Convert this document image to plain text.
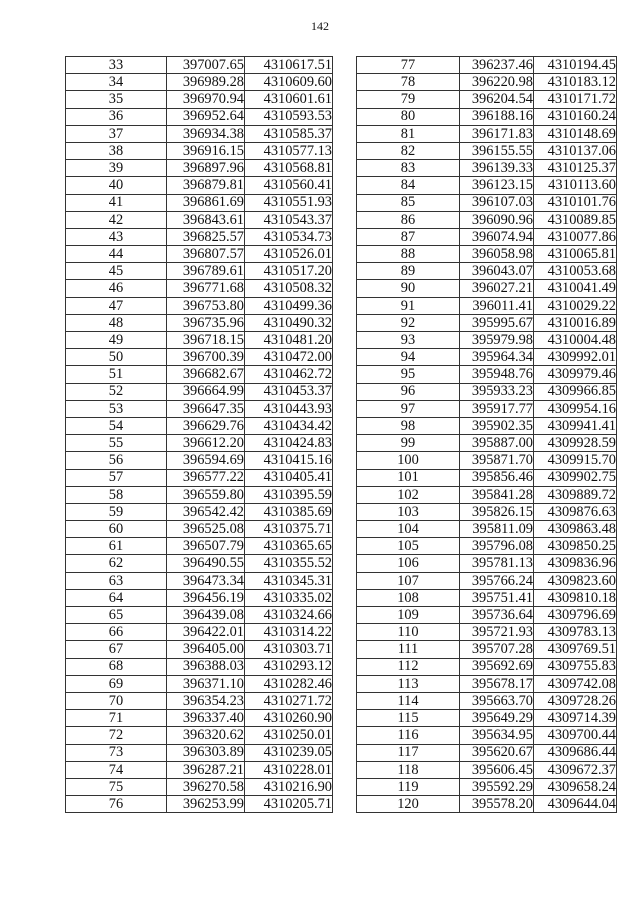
142
33	397007.65	4310617.51
34	396989.28	4310609.60
35	396970.94	4310601.61
36	396952.64	4310593.53
37	396934.38	4310585.37
38	396916.15	4310577.13
39	396897.96	4310568.81
40	396879.81	4310560.41
41	396861.69	4310551.93
42	396843.61	4310543.37
43	396825.57	4310534.73
44	396807.57	4310526.01
45	396789.61	4310517.20
46	396771.68	4310508.32
47	396753.80	4310499.36
48	396735.96	4310490.32
49	396718.15	4310481.20
50	396700.39	4310472.00
51	396682.67	4310462.72
52	396664.99	4310453.37
53	396647.35	4310443.93
54	396629.76	4310434.42
55	396612.20	4310424.83
56	396594.69	4310415.16
57	396577.22	4310405.41
58	396559.80	4310395.59
59	396542.42	4310385.69
60	396525.08	4310375.71
61	396507.79	4310365.65
62	396490.55	4310355.52
63	396473.34	4310345.31
64	396456.19	4310335.02
65	396439.08	4310324.66
66	396422.01	4310314.22
67	396405.00	4310303.71
68	396388.03	4310293.12
69	396371.10	4310282.46
70	396354.23	4310271.72
71	396337.40	4310260.90
72	396320.62	4310250.01
73	396303.89	4310239.05
74	396287.21	4310228.01
75	396270.58	4310216.90
76	396253.99	4310205.71
77	396237.46	4310194.45
78	396220.98	4310183.12
79	396204.54	4310171.72
80	396188.16	4310160.24
81	396171.83	4310148.69
82	396155.55	4310137.06
83	396139.33	4310125.37
84	396123.15	4310113.60
85	396107.03	4310101.76
86	396090.96	4310089.85
87	396074.94	4310077.86
88	396058.98	4310065.81
89	396043.07	4310053.68
90	396027.21	4310041.49
91	396011.41	4310029.22
92	395995.67	4310016.89
93	395979.98	4310004.48
94	395964.34	4309992.01
95	395948.76	4309979.46
96	395933.23	4309966.85
97	395917.77	4309954.16
98	395902.35	4309941.41
99	395887.00	4309928.59
100	395871.70	4309915.70
101	395856.46	4309902.75
102	395841.28	4309889.72
103	395826.15	4309876.63
104	395811.09	4309863.48
105	395796.08	4309850.25
106	395781.13	4309836.96
107	395766.24	4309823.60
108	395751.41	4309810.18
109	395736.64	4309796.69
110	395721.93	4309783.13
111	395707.28	4309769.51
112	395692.69	4309755.83
113	395678.17	4309742.08
114	395663.70	4309728.26
115	395649.29	4309714.39
116	395634.95	4309700.44
117	395620.67	4309686.44
118	395606.45	4309672.37
119	395592.29	4309658.24
120	395578.20	4309644.04
